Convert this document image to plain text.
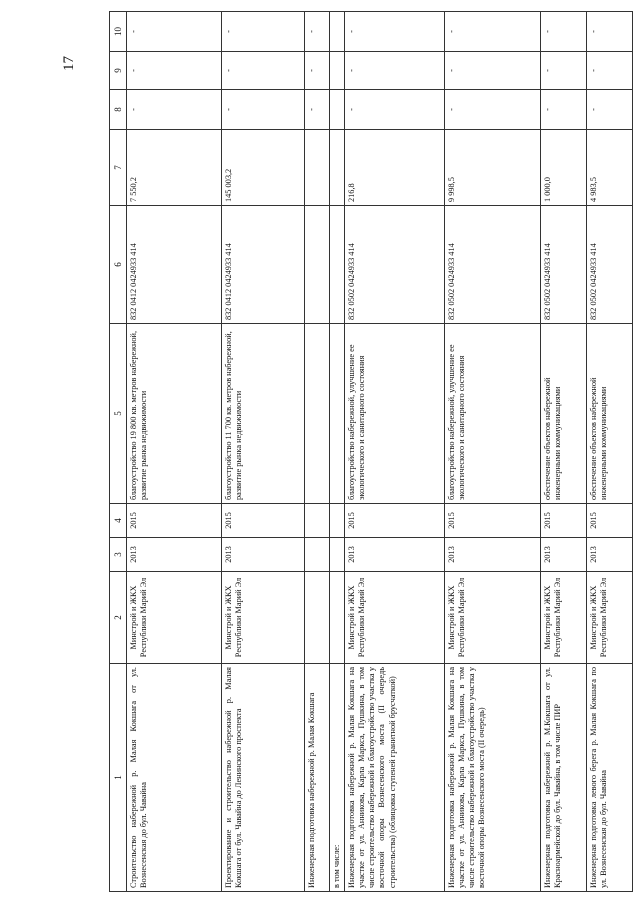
17
1	2	3	4	5	6	7	8	9	10
Строительство набережной р. Малая Кокшага от ул. Вознесенская до бул. Чавайна	Минстрой и ЖКХ Республики Марий Эл	2013	2015	благоустройство 19 800 кв. метров набережной, развитие рынка недвижимости	832 0412 0424933 414	7 550,2	-	-	-
Проектирование и строительство набережной р. Малая Кокшага от бул. Чавайна до Ленинского проспекта	Минстрой и ЖКХ Республики Марий Эл	2013	2015	благоустройство 11 700 кв. метров набережной, развитие рынка недвижимости	832 0412 0424933 414	145 003,2	-	-	-
Инженерная подготовка набережной р. Малая Кокшага							-	-	-
в том числе:									
Инженерная подготовка набережной р. Малая Кокшага на участке от ул. Анникова, Карла Маркса, Пушкина, в том числе строительство набережной и благоустройство участка у восточной опоры Вознесенского моста (II очередь строительства) (облицовка ступеней гранитной брусчаткой)	Минстрой и ЖКХ Республики Марий Эл	2013	2015	благоустройство набережной, улучшение ее экологического и санитарного состояния	832 0502 0424933 414	216,8	-	-	-
Инженерная подготовка набережной р. Малая Кокшага на участке от ул. Анникова, Карла Маркса, Пушкина, в том числе строительство набережной и благоустройство участка у восточной опоры Вознесенского моста (II очередь)	Минстрой и ЖКХ Республики Марий Эл	2013	2015	благоустройство набережной, улучшение ее экологического и санитарного состояния	832 0502 0424933 414	9 998,5	-	-	-
Инженерная подготовка набережной р. М.Кокшага от ул. Красноармейской до бул. Чавайна, в том числе ПИР	Минстрой и ЖКХ Республики Марий Эл	2013	2015	обеспечение объектов набережной инженерными коммуникациями	832 0502 0424933 414	1 000,0	-	-	-
Инженерная подготовка левого берега р. Малая Кокшага по ул. Вознесенская до бул. Чавайна	Минстрой и ЖКХ Республики Марий Эл	2013	2015	обеспечение объектов набережной инженерными коммуникациями	832 0502 0424933 414	4 983,5	-	-	-
